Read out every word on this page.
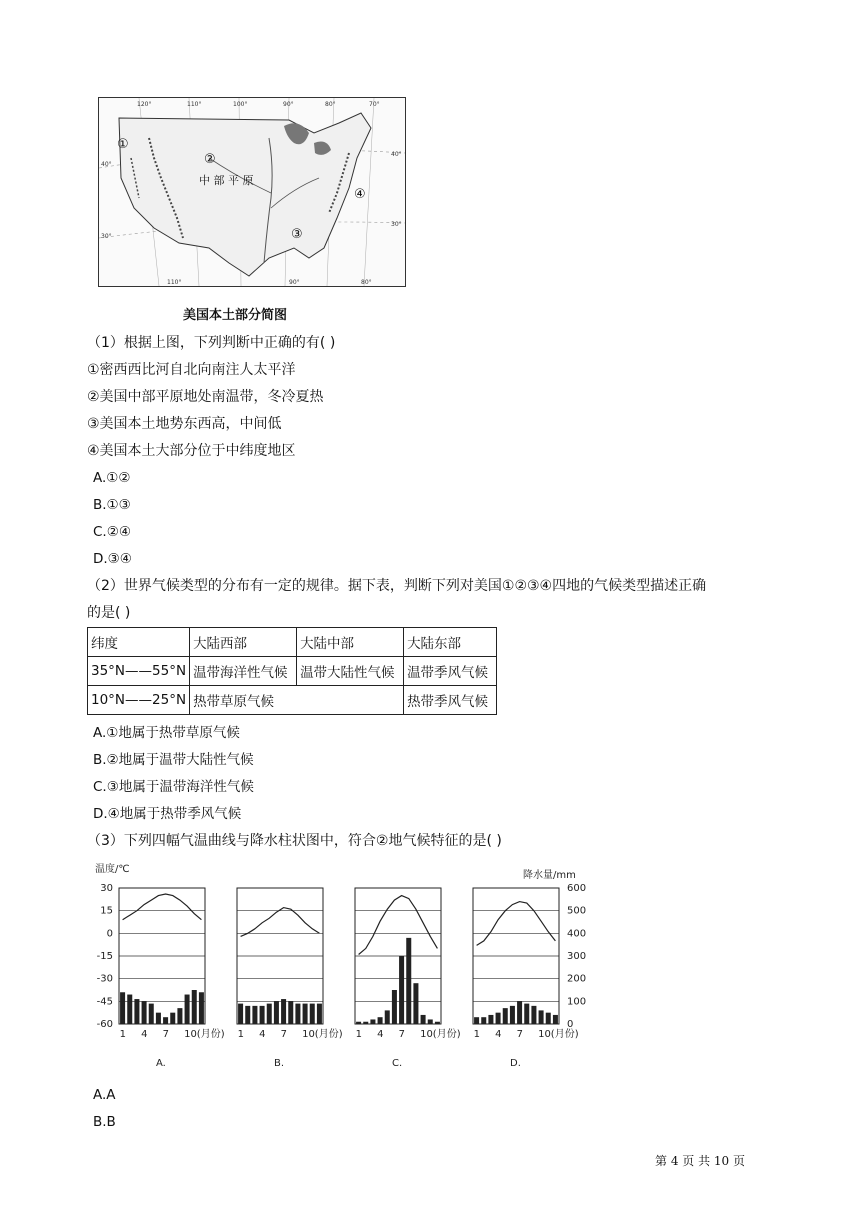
①
②
③
④
中 部 平 原
120°	110°	100°	90°	80°	70°
110°	90°	80°
40°
30°
40°
30°
美国本土部分简图
（1）根据上图，下列判断中正确的有( )
①密西西比河自北向南注人太平洋
②美国中部平原地处南温带，冬冷夏热
③美国本土地势东西高，中间低
④美国本土大部分位于中纬度地区
A.①②
B.①③
C.②④
D.③④
（2）世界气候类型的分布有一定的规律。据下表，判断下列对美国①②③④四地的气候类型描述正确
的是( )
纬度	大陆西部	大陆中部	大陆东部
35°N——55°N	温带海洋性气候	温带大陆性气候	温带季风气候
10°N——25°N	热带草原气候		热带季风气候
A.①地属于热带草原气候
B.②地属于温带大陆性气候
C.③地属于温带海洋性气候
D.④地属于热带季风气候
（3）下列四幅气温曲线与降水柱状图中，符合②地气候特征的是( )
温度/℃
降水量/mm
30
15
0
-15
-30
-45
-60
600
500
400
300
200
100
0
1 4 7 10(月份)
A.
1 4 7 10(月份)
B.
1 4 7 10(月份)
C.
1 4 7 10(月份)
D.
A.A
B.B
第 4 页 共 10 页
